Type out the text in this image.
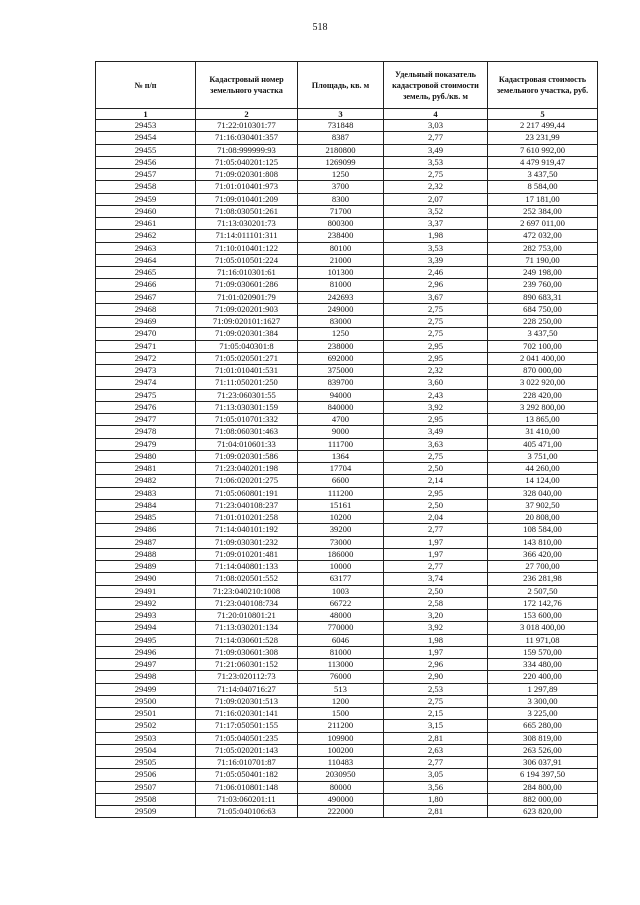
518
№ п/п	Кадастровый номер земельного участка	Площадь, кв. м	Удельный показатель кадастровой стоимости земель, руб./кв. м	Кадастровая стоимость земельного участка, руб.
1	2	3	4	5
29453	71:22:010301:77	731848	3,03	2 217 499,44
29454	71:16:030401:357	8387	2,77	23 231,99
29455	71:08:999999:93	2180800	3,49	7 610 992,00
29456	71:05:040201:125	1269099	3,53	4 479 919,47
29457	71:09:020301:808	1250	2,75	3 437,50
29458	71:01:010401:973	3700	2,32	8 584,00
29459	71:09:010401:209	8300	2,07	17 181,00
29460	71:08:030501:261	71700	3,52	252 384,00
29461	71:13:030201:73	800300	3,37	2 697 011,00
29462	71:14:011101:311	238400	1,98	472 032,00
29463	71:10:010401:122	80100	3,53	282 753,00
29464	71:05:010501:224	21000	3,39	71 190,00
29465	71:16:010301:61	101300	2,46	249 198,00
29466	71:09:030601:286	81000	2,96	239 760,00
29467	71:01:020901:79	242693	3,67	890 683,31
29468	71:09:020201:903	249000	2,75	684 750,00
29469	71:09:020101:1627	83000	2,75	228 250,00
29470	71:09:020301:384	1250	2,75	3 437,50
29471	71:05:040301:8	238000	2,95	702 100,00
29472	71:05:020501:271	692000	2,95	2 041 400,00
29473	71:01:010401:531	375000	2,32	870 000,00
29474	71:11:050201:250	839700	3,60	3 022 920,00
29475	71:23:060301:55	94000	2,43	228 420,00
29476	71:13:030301:159	840000	3,92	3 292 800,00
29477	71:05:010701:332	4700	2,95	13 865,00
29478	71:08:060301:463	9000	3,49	31 410,00
29479	71:04:010601:33	111700	3,63	405 471,00
29480	71:09:020301:586	1364	2,75	3 751,00
29481	71:23:040201:198	17704	2,50	44 260,00
29482	71:06:020201:275	6600	2,14	14 124,00
29483	71:05:060801:191	111200	2,95	328 040,00
29484	71:23:040108:237	15161	2,50	37 902,50
29485	71:01:010201:258	10200	2,04	20 808,00
29486	71:14:040101:192	39200	2,77	108 584,00
29487	71:09:030301:232	73000	1,97	143 810,00
29488	71:09:010201:481	186000	1,97	366 420,00
29489	71:14:040801:133	10000	2,77	27 700,00
29490	71:08:020501:552	63177	3,74	236 281,98
29491	71:23:040210:1008	1003	2,50	2 507,50
29492	71:23:040108:734	66722	2,58	172 142,76
29493	71:20:010801:21	48000	3,20	153 600,00
29494	71:13:030201:134	770000	3,92	3 018 400,00
29495	71:14:030601:528	6046	1,98	11 971,08
29496	71:09:030601:308	81000	1,97	159 570,00
29497	71:21:060301:152	113000	2,96	334 480,00
29498	71:23:020112:73	76000	2,90	220 400,00
29499	71:14:040716:27	513	2,53	1 297,89
29500	71:09:020301:513	1200	2,75	3 300,00
29501	71:16:020301:141	1500	2,15	3 225,00
29502	71:17:050501:155	211200	3,15	665 280,00
29503	71:05:040501:235	109900	2,81	308 819,00
29504	71:05:020201:143	100200	2,63	263 526,00
29505	71:16:010701:87	110483	2,77	306 037,91
29506	71:05:050401:182	2030950	3,05	6 194 397,50
29507	71:06:010801:148	80000	3,56	284 800,00
29508	71:03:060201:11	490000	1,80	882 000,00
29509	71:05:040106:63	222000	2,81	623 820,00
